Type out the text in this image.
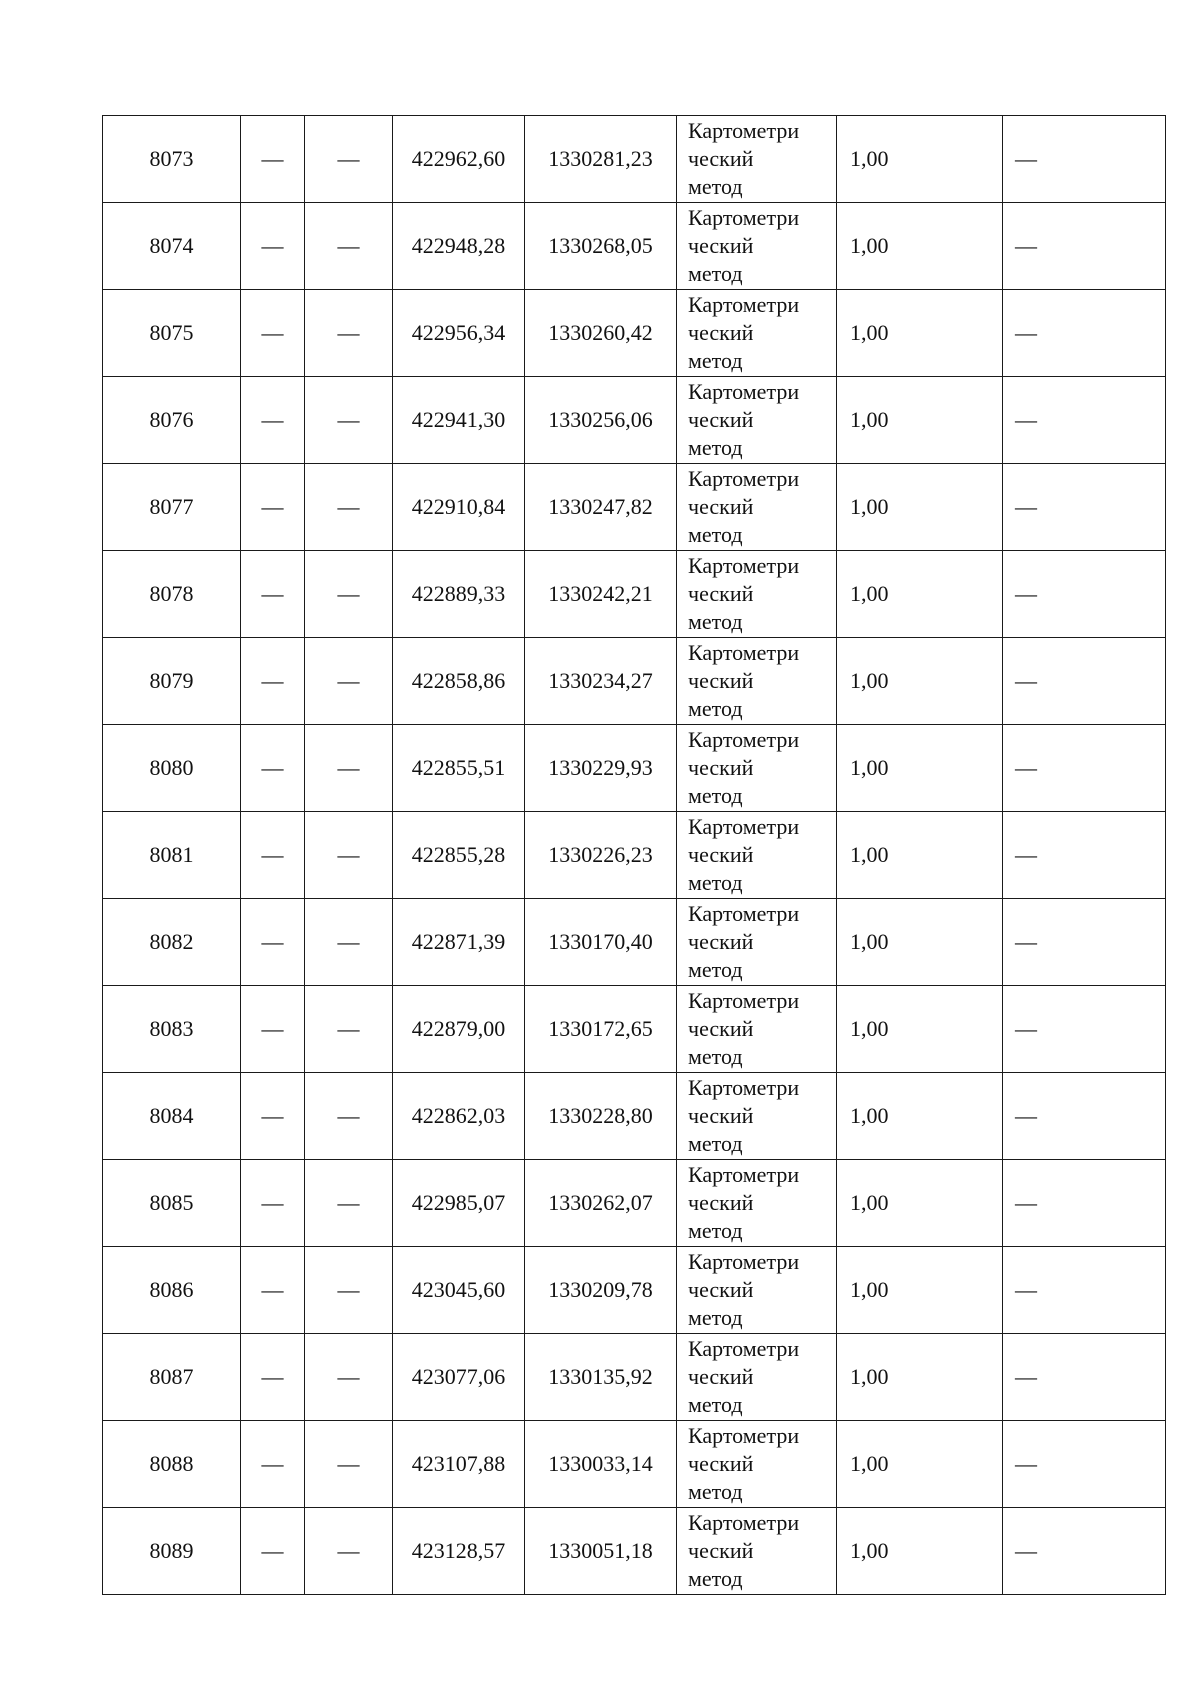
8073	—	—	422962,60	1330281,23	Картометри
ческий
метод	1,00	—
8074	—	—	422948,28	1330268,05	Картометри
ческий
метод	1,00	—
8075	—	—	422956,34	1330260,42	Картометри
ческий
метод	1,00	—
8076	—	—	422941,30	1330256,06	Картометри
ческий
метод	1,00	—
8077	—	—	422910,84	1330247,82	Картометри
ческий
метод	1,00	—
8078	—	—	422889,33	1330242,21	Картометри
ческий
метод	1,00	—
8079	—	—	422858,86	1330234,27	Картометри
ческий
метод	1,00	—
8080	—	—	422855,51	1330229,93	Картометри
ческий
метод	1,00	—
8081	—	—	422855,28	1330226,23	Картометри
ческий
метод	1,00	—
8082	—	—	422871,39	1330170,40	Картометри
ческий
метод	1,00	—
8083	—	—	422879,00	1330172,65	Картометри
ческий
метод	1,00	—
8084	—	—	422862,03	1330228,80	Картометри
ческий
метод	1,00	—
8085	—	—	422985,07	1330262,07	Картометри
ческий
метод	1,00	—
8086	—	—	423045,60	1330209,78	Картометри
ческий
метод	1,00	—
8087	—	—	423077,06	1330135,92	Картометри
ческий
метод	1,00	—
8088	—	—	423107,88	1330033,14	Картометри
ческий
метод	1,00	—
8089	—	—	423128,57	1330051,18	Картометри
ческий
метод	1,00	—
